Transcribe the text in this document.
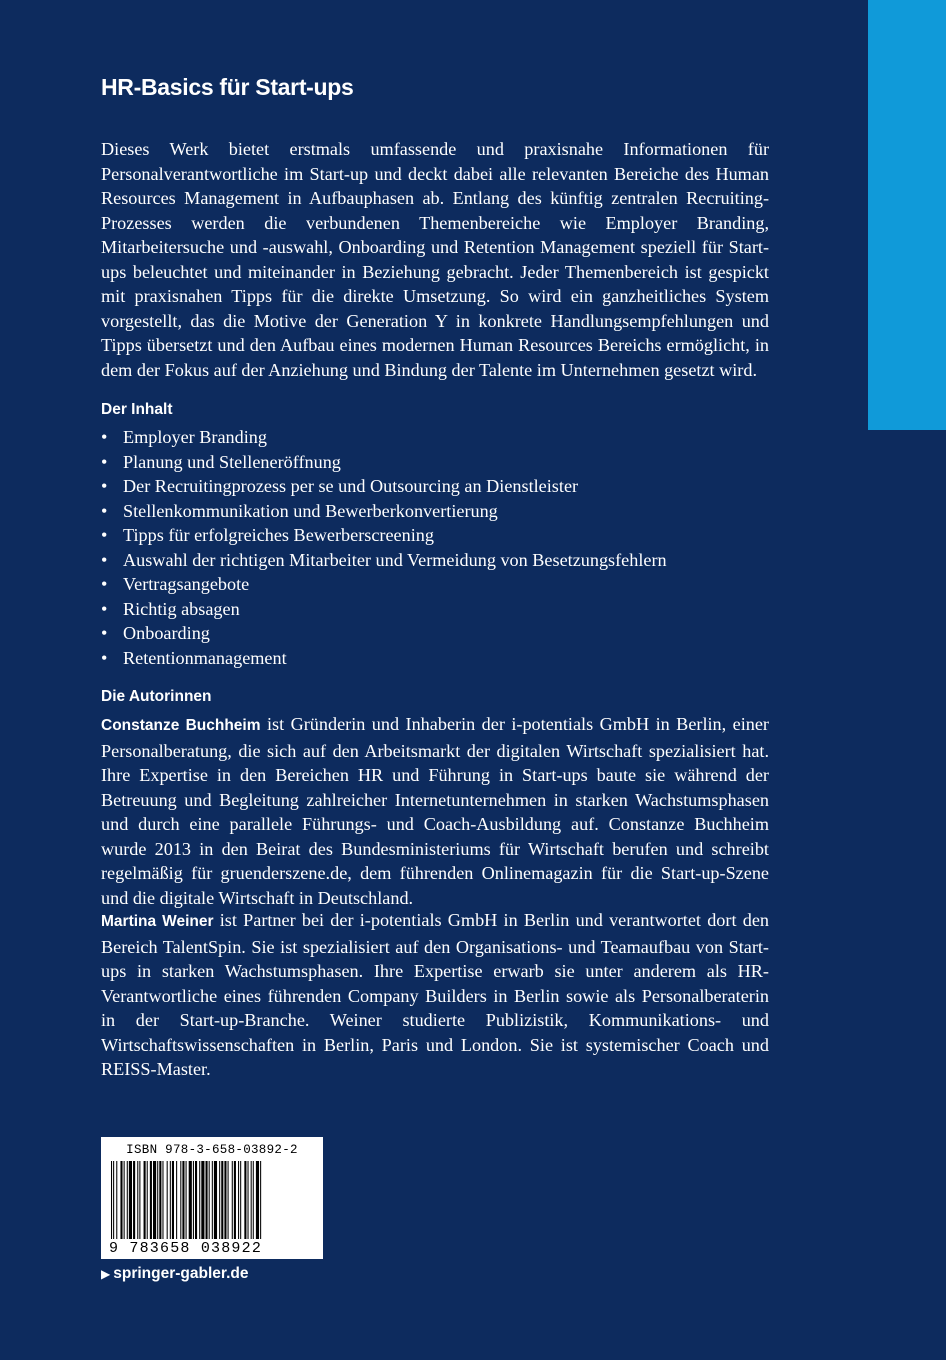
HR-Basics für Start-ups

Dieses Werk bietet erstmals umfassende und praxisnahe Informationen für Personalverantwortliche im Start-up und deckt dabei alle relevanten Bereiche des Human Resources Management in Aufbauphasen ab. Entlang des künftig zentralen Recruiting-Prozesses werden die verbundenen Themenbereiche wie Employer Branding, Mitarbeitersuche und -auswahl, Onboarding und Retention Management speziell für Start-ups beleuchtet und miteinander in Beziehung gebracht. Jeder Themenbereich ist gespickt mit praxisnahen Tipps für die direkte Umsetzung. So wird ein ganzheitliches System vorgestellt, das die Motive der Generation Y in konkrete Handlungsempfehlungen und Tipps übersetzt und den Aufbau eines modernen Human Resources Bereichs ermöglicht, in dem der Fokus auf der Anziehung und Bindung der Talente im Unternehmen gesetzt wird.

Der Inhalt
• Employer Branding
• Planung und Stelleneröffnung
• Der Recruitingprozess per se und Outsourcing an Dienstleister
• Stellenkommunikation und Bewerberkonvertierung
• Tipps für erfolgreiches Bewerberscreening
• Auswahl der richtigen Mitarbeiter und Vermeidung von Besetzungsfehlern
• Vertragsangebote
• Richtig absagen
• Onboarding
• Retentionmanagement
Die Autorinnen

Constanze Buchheim ist Gründerin und Inhaberin der i-potentials GmbH in Berlin, einer Personalberatung, die sich auf den Arbeitsmarkt der digitalen Wirtschaft spezialisiert hat. Ihre Expertise in den Bereichen HR und Führung in Start-ups baute sie während der Betreuung und Begleitung zahlreicher Internetunternehmen in starken Wachstumsphasen und durch eine parallele Führungs- und Coach-Ausbildung auf. Constanze Buchheim wurde 2013 in den Beirat des Bundesministeriums für Wirtschaft berufen und schreibt regelmäßig für gruenderszene.de, dem führenden Onlinemagazin für die Start-up-Szene und die digitale Wirtschaft in Deutschland.

Martina Weiner ist Partner bei der i-potentials GmbH in Berlin und verantwortet dort den Bereich TalentSpin. Sie ist spezialisiert auf den Organisations- und Teamaufbau von Start-ups in starken Wachstumsphasen. Ihre Expertise erwarb sie unter anderem als HR-Verantwortliche eines führenden Company Builders in Berlin sowie als Personalberaterin in der Start-up-Branche. Weiner studierte Publizistik, Kommunikations- und Wirtschaftswissenschaften in Berlin, Paris und London. Sie ist systemischer Coach und REISS-Master.

ISBN 978-3-658-03892-2
9 783658 038922

▶ springer-gabler.de
